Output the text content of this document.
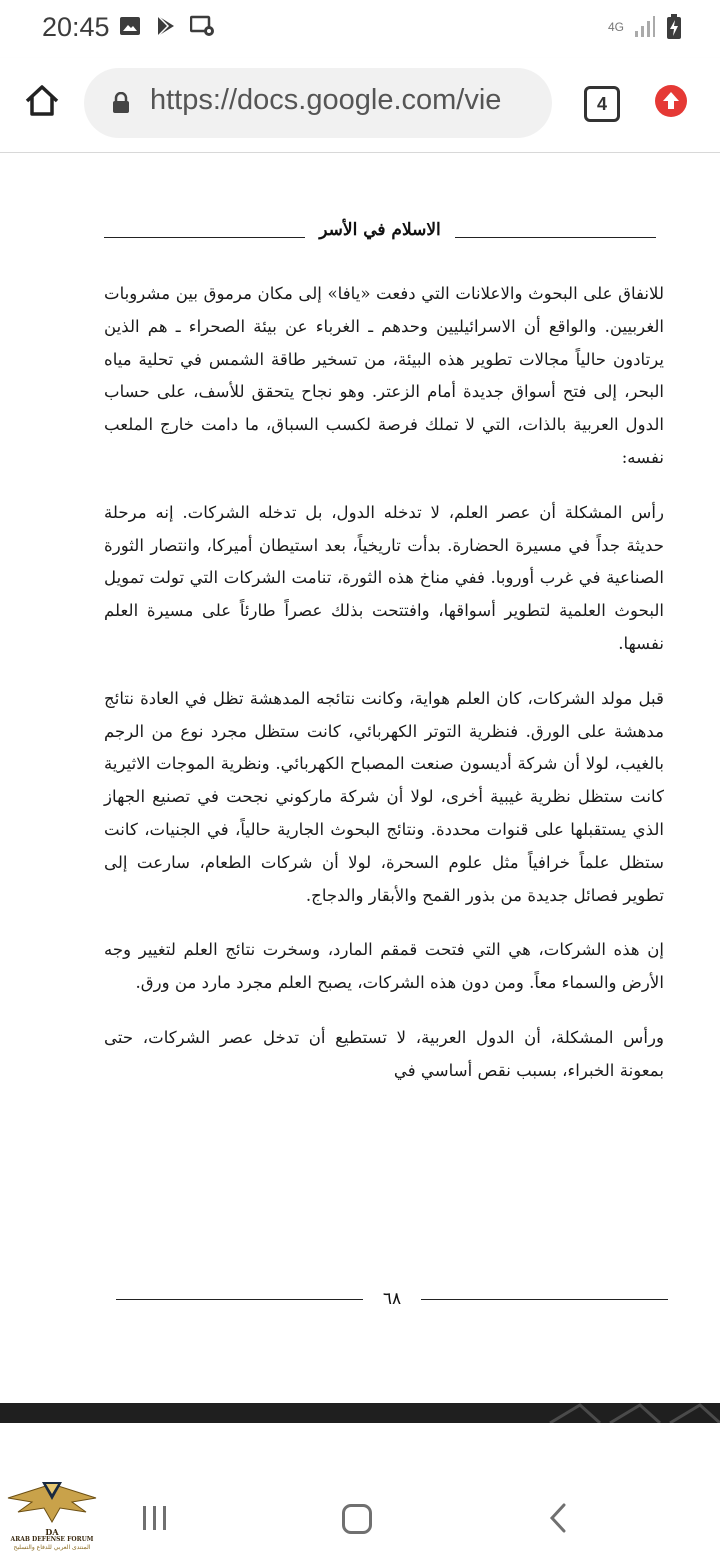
20:45	4G
https://docs.google.com/vie	4
الاسلام في الأسر

للانفاق على البحوث والاعلانات التي دفعت «يافا» إلى مكان مرموق بين مشروبات الغربيين. والواقع أن الاسرائيليين وحدهم ـ الغرباء عن بيئة الصحراء ـ هم الذين يرتادون حالياً مجالات تطوير هذه البيئة، من تسخير طاقة الشمس في تحلية مياه البحر، إلى فتح أسواق جديدة أمام الزعتر. وهو نجاح يتحقق للأسف، على حساب الدول العربية بالذات، التي لا تملك فرصة لكسب السباق، ما دامت خارج الملعب نفسه:

رأس المشكلة أن عصر العلم، لا تدخله الدول، بل تدخله الشركات. إنه مرحلة حديثة جداً في مسيرة الحضارة. بدأت تاريخياً، بعد استيطان أميركا، وانتصار الثورة الصناعية في غرب أوروبا. ففي مناخ هذه الثورة، تنامت الشركات التي تولت تمويل البحوث العلمية لتطوير أسواقها، وافتتحت بذلك عصراً طارئاً على مسيرة العلم نفسها.

قبل مولد الشركات، كان العلم هواية، وكانت نتائجه المدهشة تظل في العادة نتائج مدهشة على الورق. فنظرية التوتر الكهربائي، كانت ستظل مجرد نوع من الرجم بالغيب، لولا أن شركة أديسون صنعت المصباح الكهربائي. ونظرية الموجات الاثيرية كانت ستظل نظرية غيبية أخرى، لولا أن شركة ماركوني نجحت في تصنيع الجهاز الذي يستقبلها على قنوات محددة. ونتائج البحوث الجارية حالياً، في الجنيات، كانت ستظل علماً خرافياً مثل علوم السحرة، لولا أن شركات الطعام، سارعت إلى تطوير فصائل جديدة من بذور القمح والأبقار والدجاج.

إن هذه الشركات، هي التي فتحت قمقم المارد، وسخرت نتائج العلم لتغيير وجه الأرض والسماء معاً. ومن دون هذه الشركات، يصبح العلم مجرد مارد من ورق.

ورأس المشكلة، أن الدول العربية، لا تستطيع أن تدخل عصر الشركات، حتى بمعونة الخبراء، بسبب نقص أساسي في

٦٨
DA
ARAB DEFENSE FORUM
المنتدى العربي للدفاع والتسليح
